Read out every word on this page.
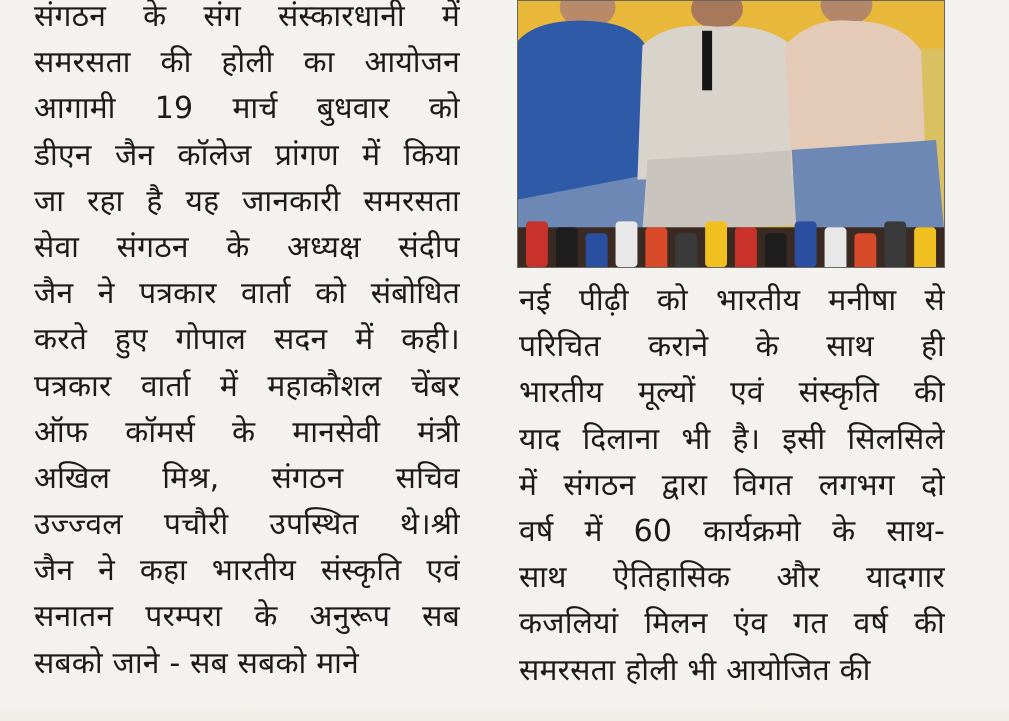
संगठन के संग संस्कारधानी में
समरसता की होली का आयोजन
आगामी 19 मार्च बुधवार को
डीएन जैन कॉलेज प्रांगण में किया
जा रहा है यह जानकारी समरसता
सेवा संगठन के अध्यक्ष संदीप
जैन ने पत्रकार वार्ता को संबोधित
करते हुए गोपाल सदन में कही।
पत्रकार वार्ता में महाकौशल चेंबर
ऑफ कॉमर्स के मानसेवी मंत्री
अखिल मिश्र, संगठन सचिव
उज्ज्वल पचौरी उपस्थित थे।श्री
जैन ने कहा भारतीय संस्कृति एवं
सनातन परम्परा के अनुरूप सब
सबको जाने - सब सबको माने
नई पीढ़ी को भारतीय मनीषा से
परिचित कराने के साथ ही
भारतीय मूल्यों एवं संस्कृति की
याद दिलाना भी है। इसी सिलसिले
में संगठन द्वारा विगत लगभग दो
वर्ष में 60 कार्यक्रमो के साथ-
साथ ऐतिहासिक और यादगार
कजलियां मिलन एंव गत वर्ष की
समरसता होली भी आयोजित की
